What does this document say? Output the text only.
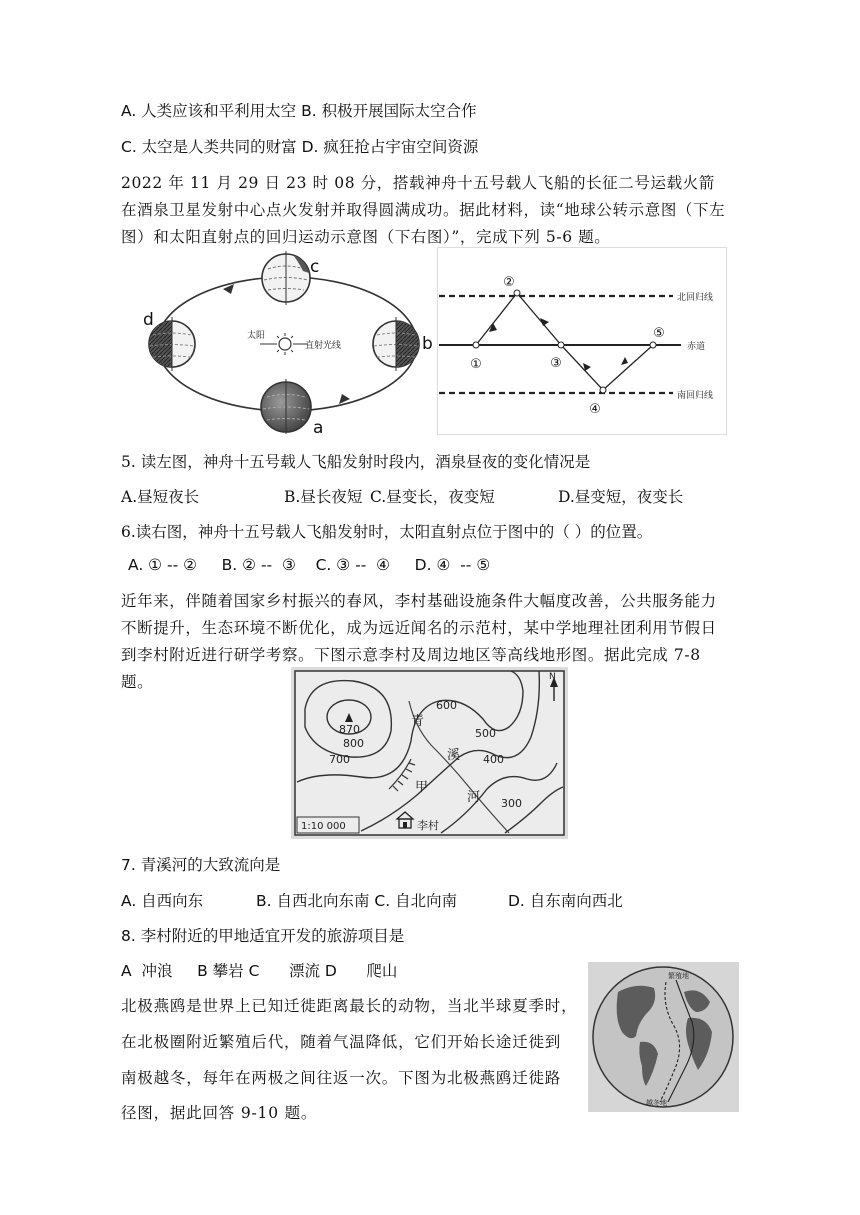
A. 人类应该和平利用太空 B. 积极开展国际太空合作
C. 太空是人类共同的财富 D. 疯狂抢占宇宙空间资源
2022 年 11 月 29 日 23 时 08 分，搭载神舟十五号载人飞船的长征二号运载火箭在酒泉卫星发射中心点火发射并取得圆满成功。据此材料，读“地球公转示意图（下左图）和太阳直射点的回归运动示意图（下右图）”，完成下列 5-6 题。
太阳
直射光线
c
d
a
b
北回归线
赤道
南回归线
①
②
③
④
⑤
5. 读左图，神舟十五号载人飞船发射时段内，酒泉昼夜的变化情况是
A.昼短夜长	B.昼长夜短 C.昼变长，夜变短	D.昼变短，夜变长
6.读右图，神舟十五号载人飞船发射时，太阳直射点位于图中的（ ）的位置。
A. ① -- ②     B. ② --  ③    C. ③ --  ④     D. ④  -- ⑤
近年来，伴随着国家乡村振兴的春风，李村基础设施条件大幅度改善，公共服务能力不断提升，生态环境不断优化，成为远近闻名的示范村，某中学地理社团利用节假日到李村附近进行研学考察。下图示意李村及周边地区等高线地形图。据此完成 7-8 题。
870
800
700
600
500
400
300
青
溪
河
甲
N
1:10 000	李村
7. 青溪河的大致流向是
A. 自西向东	B. 自西北向东南 C. 自北向南	D. 自东南向西北
8. 李村附近的甲地适宜开发的旅游项目是
A  冲浪     B 攀岩 C      漂流 D      爬山
北极燕鸥是世界上已知迁徙距离最长的动物，当北半球夏季时，
在北极圈附近繁殖后代，随着气温降低，它们开始长途迁徙到
南极越冬，每年在两极之间往返一次。下图为北极燕鸥迁徙路
径图，据此回答 9-10 题。
繁殖地
越冬地
